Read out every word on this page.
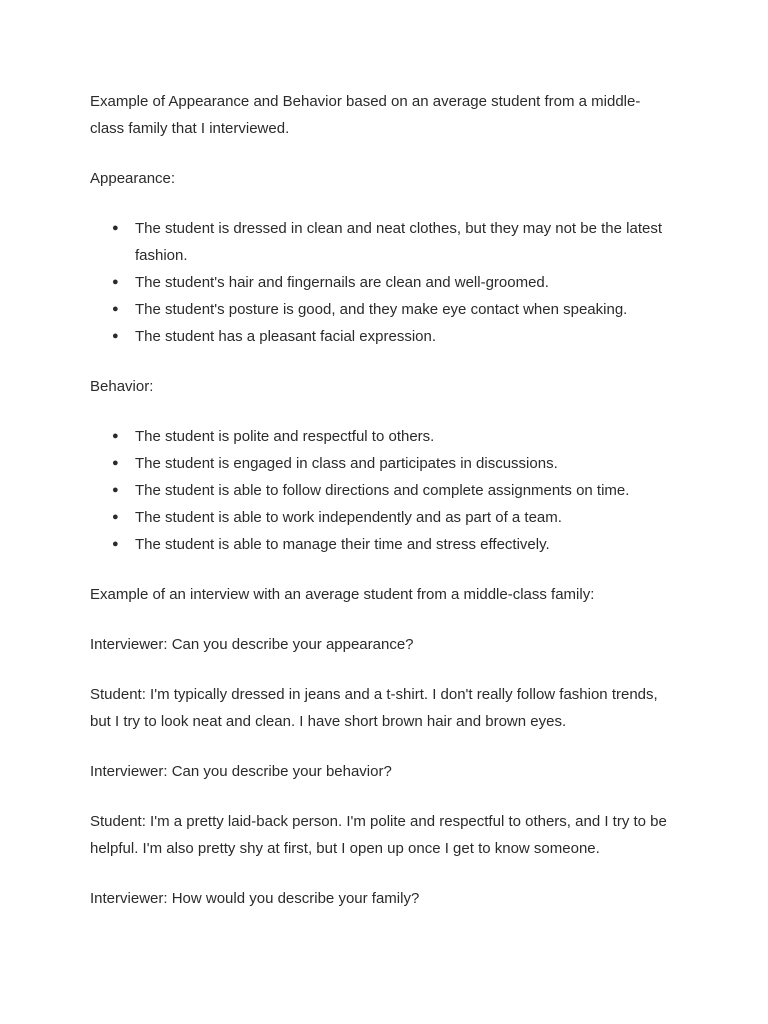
Example of Appearance and Behavior based on an average student from a middle-class family that I interviewed.

Appearance:

● The student is dressed in clean and neat clothes, but they may not be the latest fashion.
● The student's hair and fingernails are clean and well-groomed.
● The student's posture is good, and they make eye contact when speaking.
● The student has a pleasant facial expression.

Behavior:

● The student is polite and respectful to others.
● The student is engaged in class and participates in discussions.
● The student is able to follow directions and complete assignments on time.
● The student is able to work independently and as part of a team.
● The student is able to manage their time and stress effectively.

Example of an interview with an average student from a middle-class family:

Interviewer: Can you describe your appearance?

Student: I'm typically dressed in jeans and a t-shirt. I don't really follow fashion trends, but I try to look neat and clean. I have short brown hair and brown eyes.

Interviewer: Can you describe your behavior?

Student: I'm a pretty laid-back person. I'm polite and respectful to others, and I try to be helpful. I'm also pretty shy at first, but I open up once I get to know someone.

Interviewer: How would you describe your family?
